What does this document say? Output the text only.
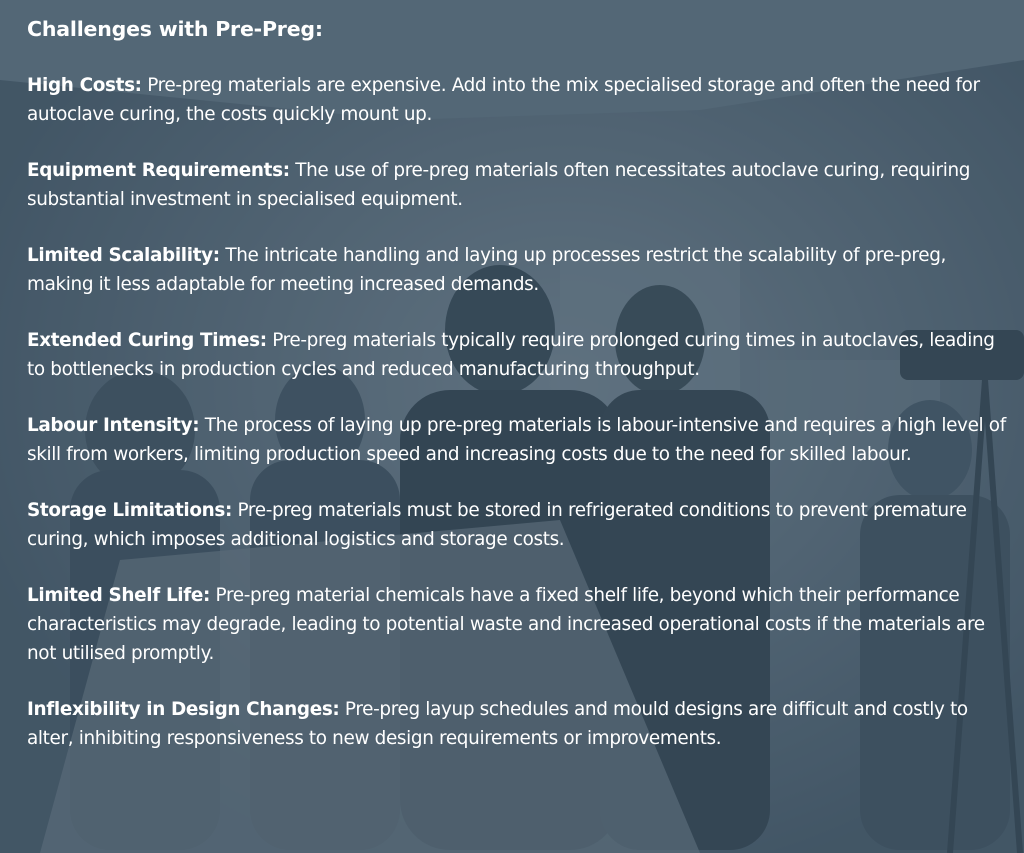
Challenges with Pre-Preg:

High Costs: Pre-preg materials are expensive. Add into the mix specialised storage and often the need for autoclave curing, the costs quickly mount up.

Equipment Requirements: The use of pre-preg materials often necessitates autoclave curing, requiring substantial investment in specialised equipment.

Limited Scalability: The intricate handling and laying up processes restrict the scalability of pre-preg, making it less adaptable for meeting increased demands.

Extended Curing Times: Pre-preg materials typically require prolonged curing times in autoclaves, leading to bottlenecks in production cycles and reduced manufacturing throughput.

Labour Intensity: The process of laying up pre-preg materials is labour-intensive and requires a high level of skill from workers, limiting production speed and increasing costs due to the need for skilled labour.

Storage Limitations: Pre-preg materials must be stored in refrigerated conditions to prevent premature curing, which imposes additional logistics and storage costs.

Limited Shelf Life: Pre-preg material chemicals have a fixed shelf life, beyond which their performance characteristics may degrade, leading to potential waste and increased operational costs if the materials are not utilised promptly.

Inflexibility in Design Changes: Pre-preg layup schedules and mould designs are difficult and costly to alter, inhibiting responsiveness to new design requirements or improvements.
